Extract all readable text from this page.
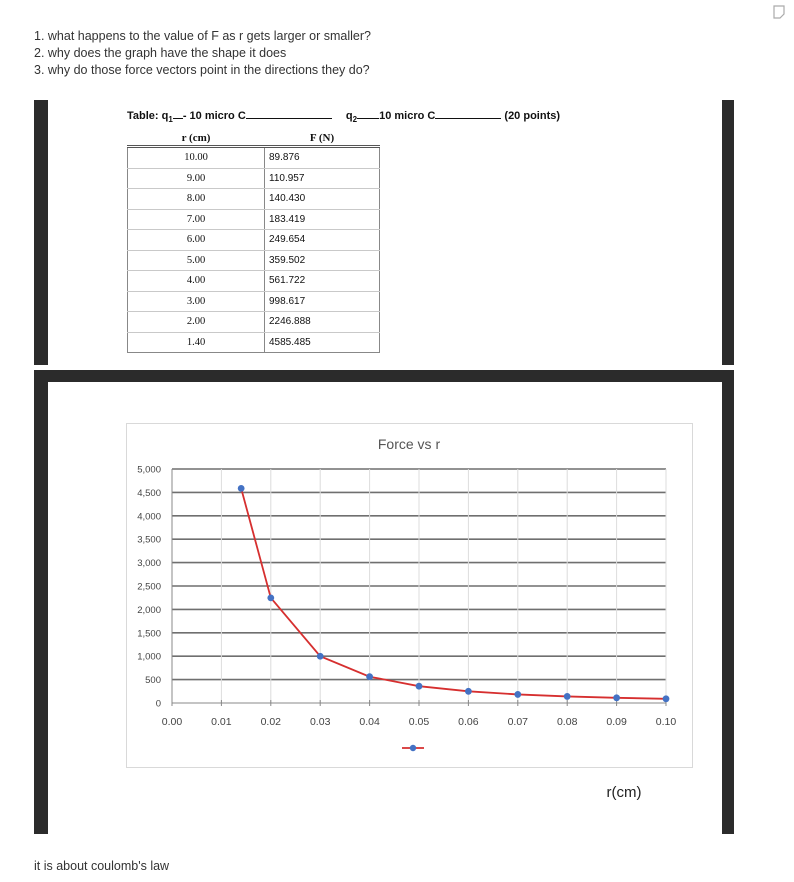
1. what happens to the value of F as r gets larger or smaller?
2. why does the graph have the shape it does
3. why do those force vectors point in the directions they do?
Table: $q_1 - 10$ micro C	$q_2$ 10 micro C	(20 points)
r (cm)	F (N)
10.00	89.876
9.00	110.957
8.00	140.430
7.00	183.419
6.00	249.654
5.00	359.502
4.00	561.722
3.00	998.617
2.00	2246.888
1.40	4585.485
0
500
1,000
1,500
2,000
2,500
3,000
3,500
4,000
4,500
5,000
0.00	0.01	0.02	0.03	0.04	0.05	0.06	0.07	0.08	0.09	0.10
Force vs r
r(cm)
it is about coulomb's law
